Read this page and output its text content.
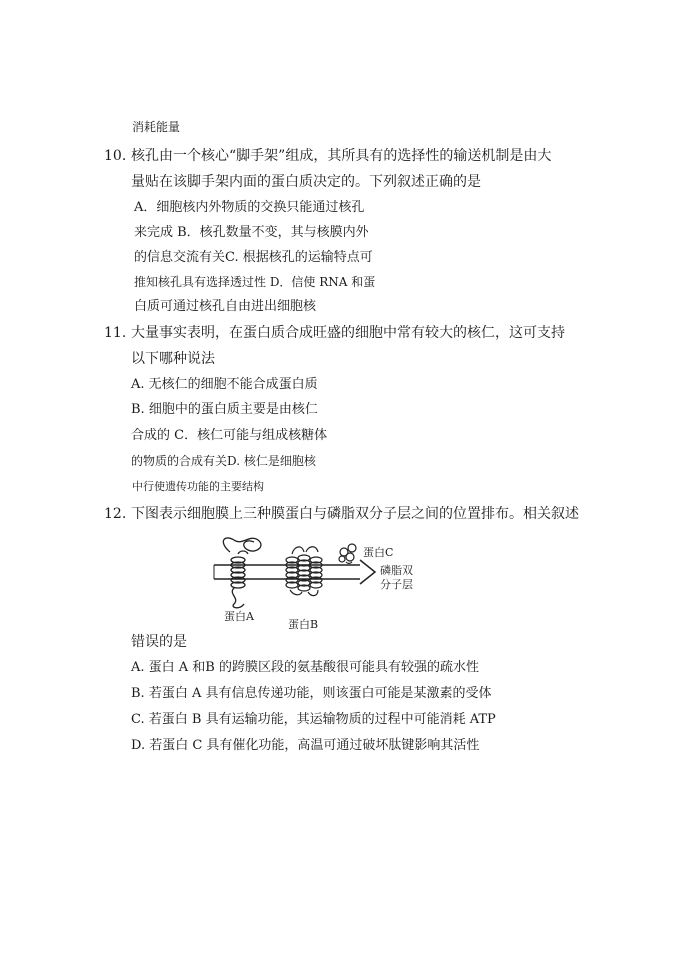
消耗能量
10. 核孔由一个核心“脚手架”组成，其所具有的选择性的输送机制是由大
量贴在该脚手架内面的蛋白质决定的。下列叙述正确的是
A．细胞核内外物质的交换只能通过核孔
来完成 B．核孔数量不变，其与核膜内外
的信息交流有关C. 根据核孔的运输特点可
推知核孔具有选择透过性 D．信使 RNA 和蛋
白质可通过核孔自由进出细胞核
11. 大量事实表明，在蛋白质合成旺盛的细胞中常有较大的核仁，这可支持
以下哪种说法
A. 无核仁的细胞不能合成蛋白质
B. 细胞中的蛋白质主要是由核仁
合成的 C．核仁可能与组成核糖体
的物质的合成有关D. 核仁是细胞核
中行使遗传功能的主要结构
12. 下图表示细胞膜上三种膜蛋白与磷脂双分子层之间的位置排布。相关叙述
蛋白C
磷脂双
分子层
蛋白A
蛋白B
错误的是
A. 蛋白 A 和B 的跨膜区段的氨基酸很可能具有较强的疏水性
B. 若蛋白 A 具有信息传递功能，则该蛋白可能是某激素的受体
C. 若蛋白 B 具有运输功能，其运输物质的过程中可能消耗 ATP
D. 若蛋白 C 具有催化功能，高温可通过破坏肽键影响其活性
